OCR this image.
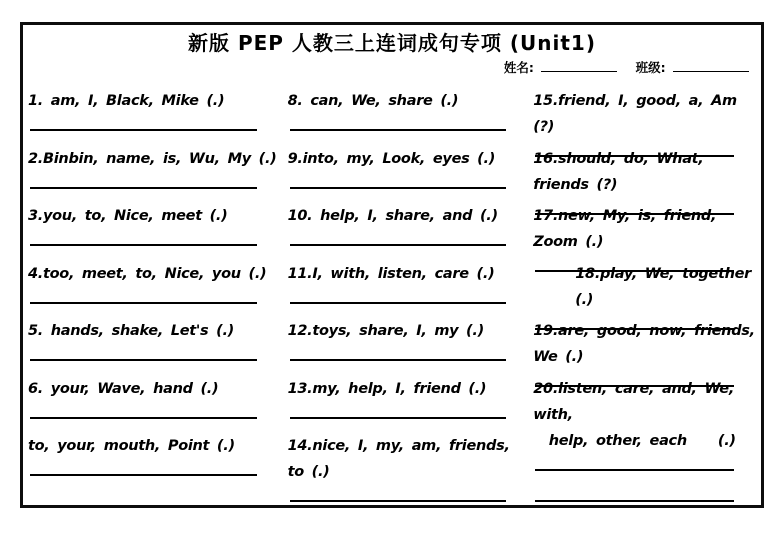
新版 PEP 人教三上连词成句专项 (Unit1)
姓名:	班级:
1. am, I, Black, Mike (.)
2.Binbin, name, is, Wu, My (.)
3.you, to, Nice, meet (.)
4.too, meet, to, Nice, you (.)
5. hands, shake, Let's (.)
6. your, Wave, hand (.)
to, your, mouth, Point (.)
8. can, We, share (.)
9.into, my, Look, eyes (.)
10. help, I, share, and (.)
11.I, with, listen, care (.)
12.toys, share, I, my (.)
13.my, help, I, friend (.)
14.nice, I, my, am, friends, to (.)
15.friend, I, good, a, Am (?)
16.should, do, What, friends (?)
17.new, My, is, friend, Zoom (.)
18.play, We, together (.)
19.are, good, now, friends, We (.)
20.listen, care, and, We, with,
help, other, each    (.)
